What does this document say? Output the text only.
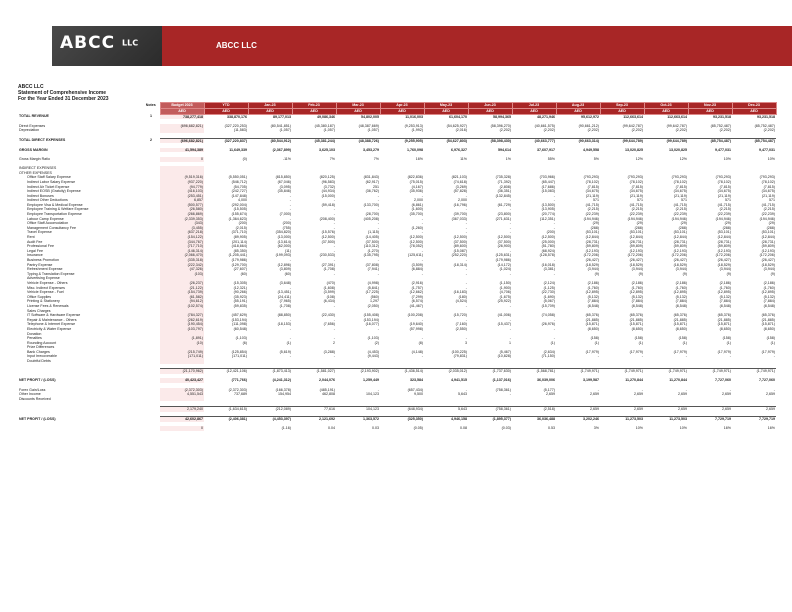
ABCC LLC	ABCC LLC
ABCC LLC
Statement of Comprehensive Income
For the Year Ended 31 December 2023
	Notes	Budget 2023	YTD	Jan-23	Feb-23	Mar-23	Apr-23	May-23	Jun-23	Jul-23	Aug-23	Sep-23	Oct-23	Nov-23	Dec-23
		AED	AED	AED	AED	AED	AED	AED	AED	AED	AED	AED	AED	AED	AED
TOTAL REVENUE	1	738,277,418	338,870,176	89,177,013	49,086,346	54,802,005	11,016,003	61,604,170	58,994,365	48,271,946	95,612,972	112,663,614	112,663,614	93,231,518	93,231,518

Direct Expenses		(696,682,821)	(327,220,253)	(80,541,851)	(45,380,187)	(48,387,669)	(9,253,913)	(54,625,927)	(58,396,270)	(40,661,575)	(90,661,212)	(99,642,787)	(99,642,787)	(85,752,487)	(85,752,487)
Depreciation			(11,583)	(1,057)	(1,057)	(1,057)	(1,992)	(2,016)	(2,202)	(2,202)	(2,202)	(2,202)	(2,202)	(2,202)	(2,202)

TOTAL DIRECT EXPENSES	2	(696,682,821)	(327,220,837)	(80,544,912)	(45,381,244)	(48,388,726)	(9,255,905)	(54,627,803)	(58,398,430)	(40,663,777)	(90,663,314)	(99,644,789)	(99,644,789)	(85,754,487)	(85,754,487)

GROSS MARGIN		41,594,389	11,649,339	(2,367,899)	3,625,103	3,453,279	1,760,098	6,976,327	594,614	37,607,917	4,949,558	13,020,825	13,020,825	9,477,031	9,477,031

Gross Margin Ratio		0	(0)	-11%	7%	7%	16%	11%	1%	55%	5%	12%	12%	10%	10%

INDIRECT EXPENSES															
OTHER EXPENSES															
Office Staff Salary Expense		(9,519,316)	(5,550,051)	(815,850)	(820,125)	(831,843)	(822,836)	(821,103)	(735,328)	(703,966)	(793,293)	(793,293)	(793,293)	(793,293)	(793,293)
Indirect Labor Salary Expense		(937,220)	(546,712)	(67,046)	(96,583)	(62,917)	(75,015)	(74,618)	(71,392)	(65,447)	(78,102)	(78,102)	(78,102)	(78,102)	(78,102)
Indirect Air Ticket Expense		(94,779)	(54,705)	(3,095)	(3,732)	251	(4,167)	(3,269)	(2,808)	(17,686)	(7,815)	(7,815)	(7,815)	(7,815)	(7,815)
Indirect EOSB (Gratuity) Expense		(416,103)	(242,727)	(35,846)	(44,934)	(36,762)	(35,936)	(57,828)	(36,351)	(15,083)	(34,675)	(34,675)	(34,675)	(34,675)	(34,675)
Indirect Bonuses		(253,451)	(147,848)	-	(15,000)	-	-	-	(132,845)	-	(21,119)	(21,119)	(21,119)	(21,119)	(21,119)
Indirect Other Deductions		6,857	4,000	-	-	-	2,000	2,000	-	-	571	571	571	571	571
Employee Visa & Medical Expense		(500,577)	(292,004)	-	(59,418)	(133,700)	(6,861)	(16,796)	(61,729)	(13,500)	(41,715)	(41,715)	(41,715)	(41,715)	(41,715)
Employee Training & Welfare Expense		(26,580)	(15,505)	-	-	-	(1,600)	-	-	(13,905)	(2,215)	(2,215)	(2,215)	(2,215)	(2,215)
Employee Transportation Expense		(266,869)	(155,674)	(7,000)	-	(28,700)	(35,700)	(39,700)	(23,800)	(20,774)	(22,239)	(22,239)	(22,239)	(22,239)	(22,239)
Labour Camp Expense		(2,339,353)	(1,364,623)	-	(208,400)	(405,208)	-	(367,033)	(271,631)	(112,351)	(194,946)	(194,946)	(194,946)	(194,946)	(194,946)
Office Staff Accomodation		(343)	(200)	(200)	-	-	-	-	-	-	(29)	(29)	(29)	(29)	(29)
Management Consultancy Fee		(3,455)	(2,015)	(755)	-	-	(1,260)	-	-	-	(288)	(288)	(288)	(288)	(288)
Travel Expense		(637,218)	(371,710)	(354,820)	(15,576)	(1,115)	-	-	-	(200)	(53,101)	(53,101)	(53,101)	(53,101)	(53,101)
Rent		(154,122)	(89,905)	(13,000)	(12,500)	(14,405)	(12,500)	(12,500)	(12,500)	(12,500)	(12,844)	(12,844)	(12,844)	(12,844)	(12,844)
Audit Fee		(344,767)	(201,114)	(13,614)	(37,500)	(37,500)	(12,500)	(37,500)	(37,500)	(25,000)	(28,731)	(28,731)	(28,731)	(28,731)	(28,731)
Professional Fee		(717,710)	(418,664)	(62,000)	-	(110,312)	(78,052)	(89,600)	(26,900)	(51,780)	(59,809)	(59,809)	(59,809)	(59,809)	(59,809)
Legal Fee		(146,314)	(85,350)	(11)	-	(1,270)	-	(15,087)	-	(68,924)	(12,193)	(12,193)	(12,193)	(12,193)	(12,193)
Insurance		(2,066,470)	(1,205,441)	(199,093)	(230,533)	(135,795)	(125,611)	(252,220)	(125,631)	(128,578)	(172,206)	(172,206)	(172,206)	(172,206)	(172,206)
Business Promotion		(335,318)	(179,986)	-	-	-	-	-	(179,986)	-	(26,427)	(26,427)	(26,427)	(26,427)	(26,427)
Pantry Expense		(222,342)	(129,700)	(12,896)	(27,391)	(37,808)	(3,509)	(18,314)	(14,172)	(16,018)	(18,529)	(18,529)	(18,529)	(18,529)	(18,529)
Refreshment Expense		(47,326)	(27,607)	(3,809)	(1,708)	(7,941)	(6,884)	-	(1,024)	(3,381)	(3,944)	(3,944)	(3,944)	(3,944)	(3,944)
Typing & Translation Expense		(103)	(60)	(60)	-	-	-	-	-	-	(9)	(9)	(9)	(9)	(9)
Advertising Expense															
Vehicle Expense - Others		(26,237)	(15,305)	(3,648)	(470)	(4,998)	(2,916)	-	(1,150)	(2,124)	(2,186)	(2,186)	(2,186)	(2,186)	(2,186)
Misc. Indirect Expenses		(21,122)	(12,321)	-	(1,608)	(5,841)	(1,757)	-	(1,900)	(1,125)	(1,760)	(1,760)	(1,760)	(1,760)	(1,760)
Vehicle Expense - Fuel		(154,739)	(90,266)	(13,451)	(3,599)	(17,225)	(12,662)	(16,183)	(4,706)	(22,730)	(12,895)	(12,895)	(12,895)	(12,895)	(12,895)
Office Supplies		(61,582)	(35,923)	(24,411)	(108)	(560)	(7,299)	(180)	(1,675)	(1,690)	(5,132)	(5,132)	(5,132)	(5,132)	(5,132)
Printing & Stationery		(94,612)	(55,191)	(7,965)	(6,434)	1,297	(6,574)	(4,524)	(25,922)	(5,067)	(7,884)	(7,884)	(7,884)	(7,884)	(7,884)
License Fees & Renewals		(102,574)	(59,835)	(1,708)	-	(2,050)	(41,467)	-	-	(15,709)	(8,548)	(8,548)	(8,548)	(8,548)	(8,548)
Sales Charges															
IT Software & Hardware Expense		(784,327)	(457,629)	(88,850)	(22,430)	(155,408)	(100,208)	(15,720)	(41,006)	(74,058)	(65,376)	(65,376)	(65,376)	(65,376)	(65,376)
Repair & Maintenance - Others		(262,619)	(153,194)	-	-	(153,194)	-	-	-	-	(21,885)	(21,885)	(21,885)	(21,885)	(21,885)
Telephone & Internet Expense		(190,454)	(111,098)	(18,153)	(7,656)	(16,077)	(19,640)	(7,160)	(15,437)	(26,976)	(15,871)	(15,871)	(15,871)	(15,871)	(15,871)
Electricity & Water Expense		(103,797)	(60,548)	-	-	-	(57,998)	(2,550)	-	-	(8,650)	(8,650)	(8,650)	(8,650)	(8,650)
Donation															
Penalties		(1,891)	(1,103)	-	-	(1,103)	-	-	-	-	(158)	(158)	(158)	(158)	(158)
Rounding Account		(10)	(6)	(1)	2	(2)	(8)	3	1	(1)	(1)	(1)	(1)	(1)	(1)
Prize Differences															
Bank Charges		(215,749)	(125,854)	(5,619)	(3,288)	(4,453)	(4,148)	(100,225)	(5,467)	(2,634)	(17,979)	(17,979)	(17,979)	(17,979)	(17,979)
Input Irrecoverable		(171,011)	(171,011)	-	-	(9,443)	-	(79,831)	(10,828)	(71,150)	-	-	-	-	-
Doubtful Debts															

		(21,170,962)	(12,421,106)	(1,873,413)	(1,581,027)	(2,193,902)	(1,436,514)	(2,035,012)	(1,737,630)	(1,568,781)	(1,749,971)	(1,749,971)	(1,749,971)	(1,749,971)	(1,749,971)

NET PROFIT / (LOSS)		40,423,427	(771,766)	(4,241,312)	2,044,076	1,259,449	323,584	4,941,515	(1,137,016)	36,039,006	3,199,587	11,270,844	11,270,844	7,727,060	7,727,060

Forex Gain/Loss		(2,372,303)	(2,372,303)	(166,378)	(485,191)	-	(657,434)	-	(758,361)	(5,177)	-	-	-	-	-
Other Income		4,551,543	737,689	154,954	462,808	104,123	9,500	5,643	-	2,659	2,659	2,659	2,659	2,659	2,659
Discounts Received															

		2,179,240	(1,634,615)	(212,089)	77,616	104,123	(648,934)	5,643	(758,361)	(2,518)	2,659	2,659	2,659	2,659	2,659

NET PROFIT / (LOSS)		42,602,867	(2,406,381)	(4,453,397)	2,121,692	1,363,572	(325,350)	4,946,158	(1,895,377)	36,036,488	3,202,246	11,273,503	11,273,503	7,729,719	7,729,719

		0		(1.16)	0.04	0.03	(0.05)	0.08	(0.03)	0.53	3%	10%	10%	16%	16%
